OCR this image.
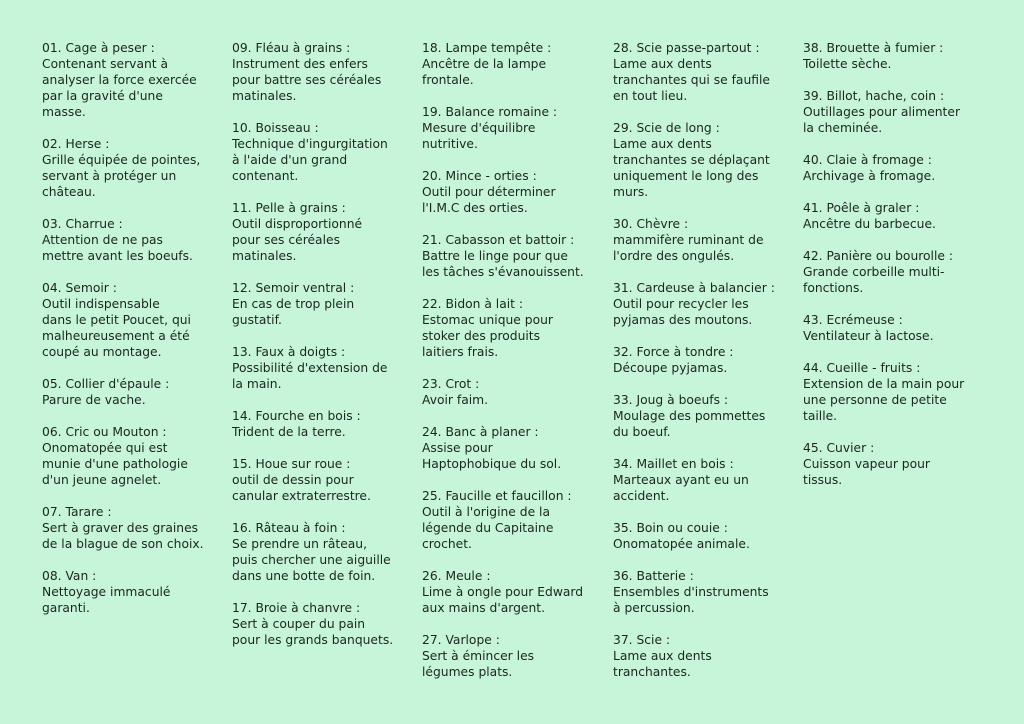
01. Cage à peser :
Contenant servant à
analyser la force exercée
par la gravité d'une
masse.
02. Herse :
Grille équipée de pointes,
servant à protéger un
château.
03. Charrue :
Attention de ne pas
mettre avant les boeufs.
04. Semoir :
Outil indispensable
dans le petit Poucet, qui
malheureusement a été
coupé au montage.
05. Collier d'épaule :
Parure de vache.
06. Cric ou Mouton :
Onomatopée qui est
munie d'une pathologie
d'un jeune agnelet.
07. Tarare :
Sert à graver des graines
de la blague de son choix.
08. Van :
Nettoyage immaculé
garanti.
09. Fléau à grains :
Instrument des enfers
pour battre ses céréales
matinales.
10. Boisseau :
Technique d'ingurgitation
à l'aide d'un grand
contenant.
11. Pelle à grains :
Outil disproportionné
pour ses céréales
matinales.
12. Semoir ventral :
En cas de trop plein
gustatif.
13. Faux à doigts :
Possibilité d'extension de
la main.
14. Fourche en bois :
Trident de la terre.
15. Houe sur roue :
outil de dessin pour
canular extraterrestre.
16. Râteau à foin :
Se prendre un râteau,
puis chercher une aiguille
dans une botte de foin.
17. Broie à chanvre :
Sert à couper du pain
pour les grands banquets.
18. Lampe tempête :
Ancêtre de la lampe
frontale.
19. Balance romaine :
Mesure d'équilibre
nutritive.
20. Mince - orties :
Outil pour déterminer
l'I.M.C des orties.
21. Cabasson et battoir :
Battre le linge pour que
les tâches s'évanouissent.
22. Bidon à lait :
Estomac unique pour
stoker des produits
laitiers frais.
23. Crot :
Avoir faim.
24. Banc à planer :
Assise pour
Haptophobique du sol.
25. Faucille et faucillon :
Outil à l'origine de la
légende du Capitaine
crochet.
26. Meule :
Lime à ongle pour Edward
aux mains d'argent.
27. Varlope :
Sert à émincer les
légumes plats.
28. Scie passe-partout :
Lame aux dents
tranchantes qui se faufile
en tout lieu.
29. Scie de long :
Lame aux dents
tranchantes se déplaçant
uniquement le long des
murs.
30. Chèvre :
mammifère ruminant de
l'ordre des ongulés.
31. Cardeuse à balancier :
Outil pour recycler les
pyjamas des moutons.
32. Force à tondre :
Découpe pyjamas.
33. Joug à boeufs :
Moulage des pommettes
du boeuf.
34. Maillet en bois :
Marteaux ayant eu un
accident.
35. Boin ou couie :
Onomatopée animale.
36. Batterie :
Ensembles d'instruments
à percussion.
37. Scie :
Lame aux dents
tranchantes.
38. Brouette à fumier :
Toilette sèche.
39. Billot, hache, coin :
Outillages pour alimenter
la cheminée.
40. Claie à fromage :
Archivage à fromage.
41. Poêle à graler :
Ancêtre du barbecue.
42. Panière ou bourolle :
Grande corbeille multi-
fonctions.
43. Ecrémeuse :
Ventilateur à lactose.
44. Cueille - fruits :
Extension de la main pour
une personne de petite
taille.
45. Cuvier :
Cuisson vapeur pour
tissus.
